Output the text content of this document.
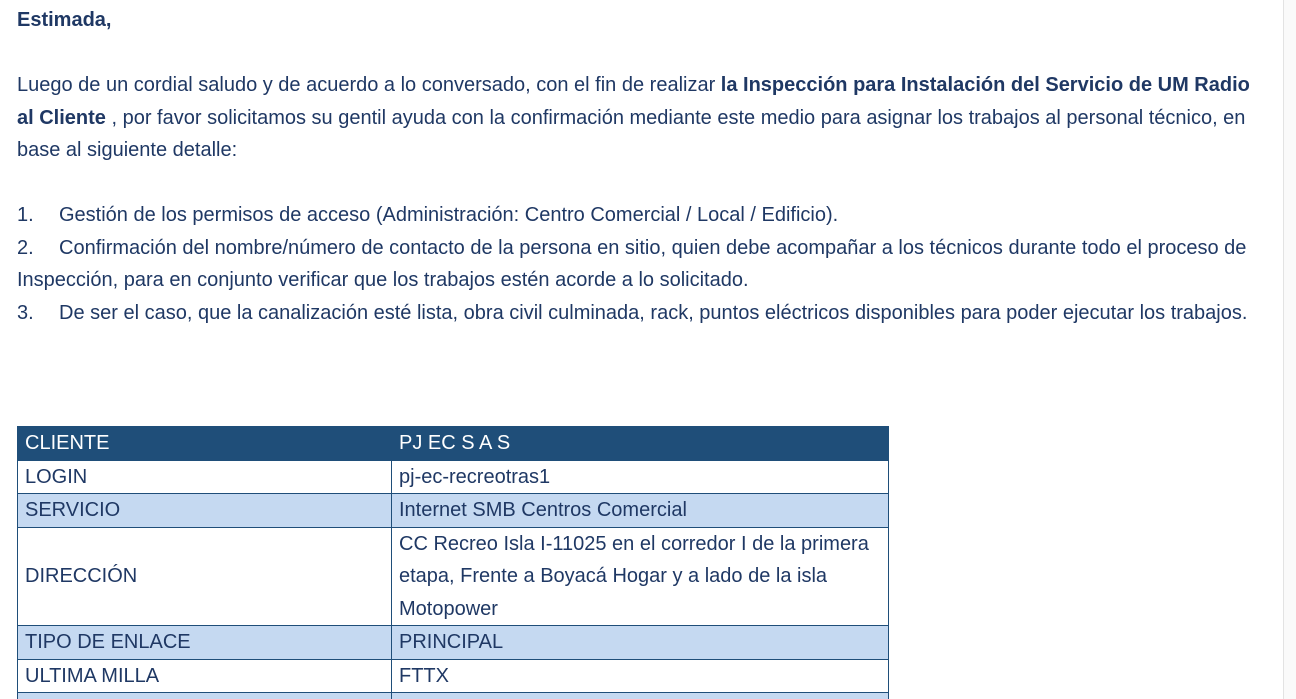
Estimada,

Luego de un cordial saludo y de acuerdo a lo conversado, con el fin de realizar la Inspección para Instalación del Servicio de UM Radio al Cliente , por favor solicitamos su gentil ayuda con la confirmación mediante este medio para asignar los trabajos al personal técnico, en base al siguiente detalle:

1. Gestión de los permisos de acceso (Administración: Centro Comercial / Local / Edificio).

2. Confirmación del nombre/número de contacto de la persona en sitio, quien debe acompañar a los técnicos durante todo el proceso de Inspección, para en conjunto verificar que los trabajos estén acorde a lo solicitado.

3. De ser el caso, que la canalización esté lista, obra civil culminada, rack, puntos eléctricos disponibles para poder ejecutar los trabajos.

CLIENTE	PJ EC S A S
LOGIN	pj-ec-recreotras1
SERVICIO	Internet SMB Centros Comercial
DIRECCIÓN	CC Recreo Isla I-11025 en el corredor I de la primera etapa, Frente a Boyacá Hogar y a lado de la isla Motopower
TIPO DE ENLACE	PRINCIPAL
ULTIMA MILLA	FTTX
